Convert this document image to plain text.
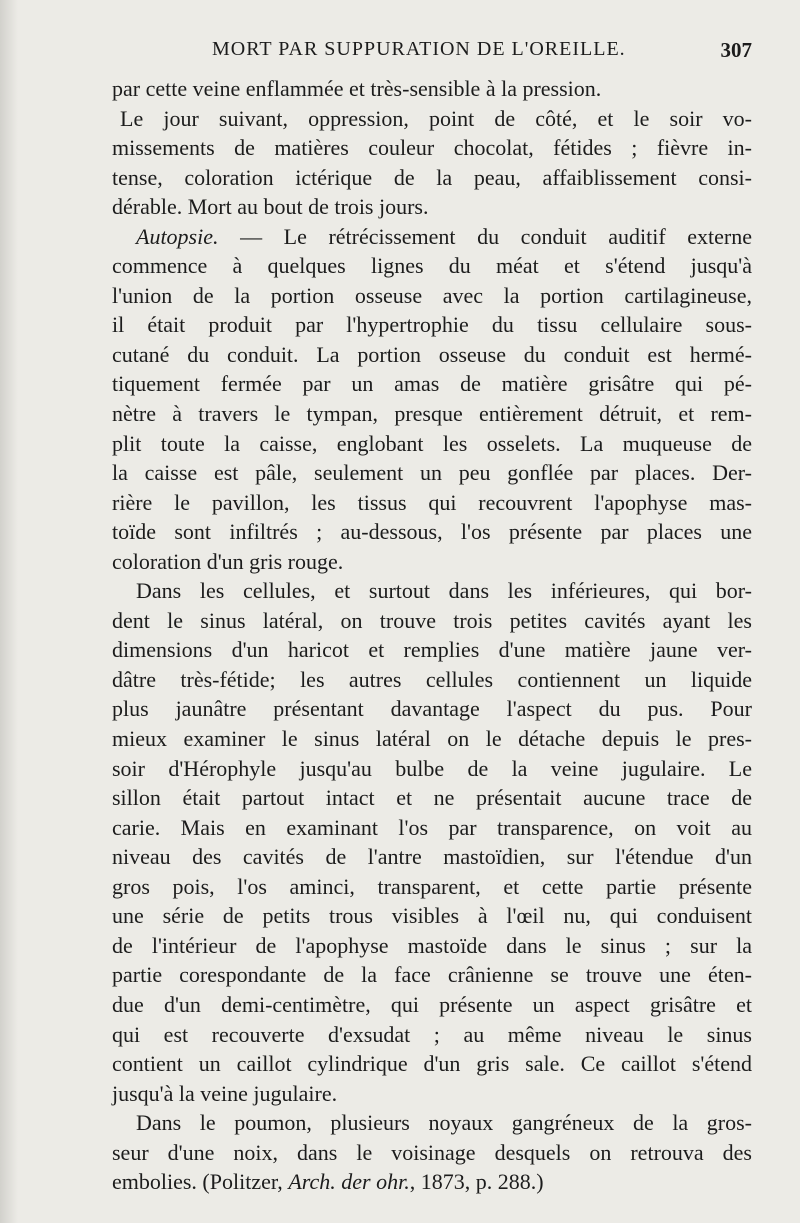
MORT PAR SUPPURATION DE L'OREILLE.	307
par cette veine enflammée et très-sensible à la pression.
Le jour suivant, oppression, point de côté, et le soir vo-
missements de matières couleur chocolat, fétides ; fièvre in-
tense, coloration ictérique de la peau, affaiblissement consi-
dérable. Mort au bout de trois jours.
Autopsie. — Le rétrécissement du conduit auditif externe
commence à quelques lignes du méat et s'étend jusqu'à
l'union de la portion osseuse avec la portion cartilagineuse,
il était produit par l'hypertrophie du tissu cellulaire sous-
cutané du conduit. La portion osseuse du conduit est hermé-
tiquement fermée par un amas de matière grisâtre qui pé-
nètre à travers le tympan, presque entièrement détruit, et rem-
plit toute la caisse, englobant les osselets. La muqueuse de
la caisse est pâle, seulement un peu gonflée par places. Der-
rière le pavillon, les tissus qui recouvrent l'apophyse mas-
toïde sont infiltrés ; au-dessous, l'os présente par places une
coloration d'un gris rouge.
Dans les cellules, et surtout dans les inférieures, qui bor-
dent le sinus latéral, on trouve trois petites cavités ayant les
dimensions d'un haricot et remplies d'une matière jaune ver-
dâtre très-fétide; les autres cellules contiennent un liquide
plus jaunâtre présentant davantage l'aspect du pus. Pour
mieux examiner le sinus latéral on le détache depuis le pres-
soir d'Hérophyle jusqu'au bulbe de la veine jugulaire. Le
sillon était partout intact et ne présentait aucune trace de
carie. Mais en examinant l'os par transparence, on voit au
niveau des cavités de l'antre mastoïdien, sur l'étendue d'un
gros pois, l'os aminci, transparent, et cette partie présente
une série de petits trous visibles à l'œil nu, qui conduisent
de l'intérieur de l'apophyse mastoïde dans le sinus ; sur la
partie corespondante de la face crânienne se trouve une éten-
due d'un demi-centimètre, qui présente un aspect grisâtre et
qui est recouverte d'exsudat ; au même niveau le sinus
contient un caillot cylindrique d'un gris sale. Ce caillot s'étend
jusqu'à la veine jugulaire.
Dans le poumon, plusieurs noyaux gangréneux de la gros-
seur d'une noix, dans le voisinage desquels on retrouva des
embolies. (Politzer, Arch. der ohr., 1873, p. 288.)
